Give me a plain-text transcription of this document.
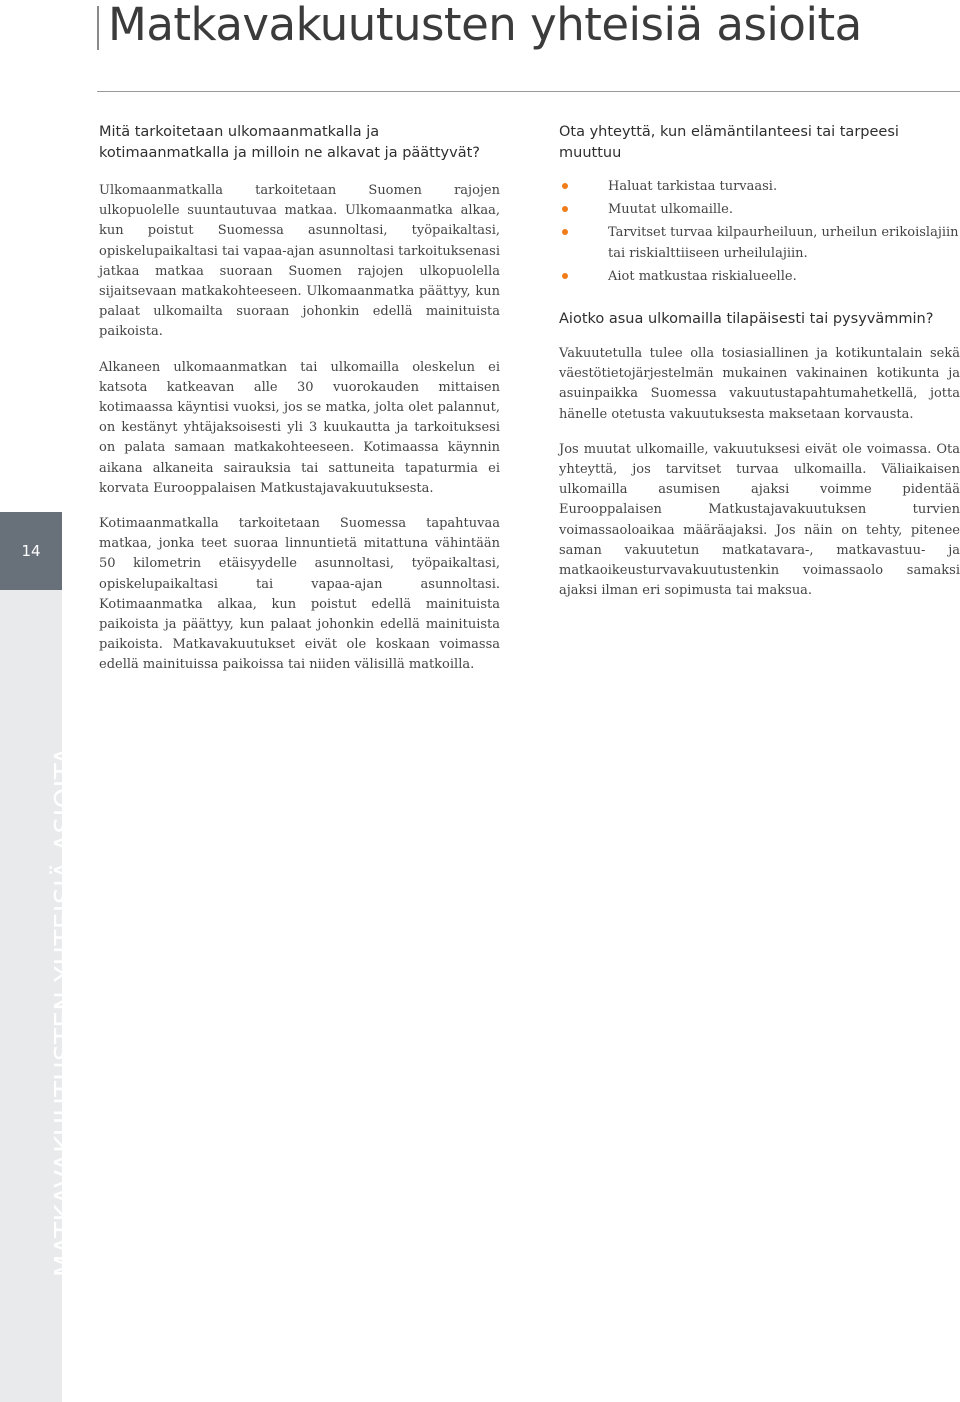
14
MATKAVAKUUTUSTEN YHTEISIÄ ASIOITA
Matkavakuutusten yhteisiä asioita
Mitä tarkoitetaan ulkomaanmatkalla ja kotimaanmatkalla ja milloin ne alkavat ja päättyvät?

Ulkomaanmatkalla tarkoitetaan Suomen rajojen ulkopuolelle suuntautuvaa matkaa. Ulkomaanmatka alkaa, kun poistut Suomessa asunnoltasi, työpaikaltasi, opiskelupaikaltasi tai vapaa-ajan asunnoltasi tarkoituksenasi jatkaa matkaa suoraan Suomen rajojen ulkopuolella sijaitsevaan matkakohteeseen. Ulkomaanmatka päättyy, kun palaat ulkomailta suoraan johonkin edellä mainituista paikoista.

Alkaneen ulkomaanmatkan tai ulkomailla oleskelun ei katsota katkeavan alle 30 vuorokauden mittaisen kotimaassa käyntisi vuoksi, jos se matka, jolta olet palannut, on kestänyt yhtäjaksoisesti yli 3 kuukautta ja tarkoituksesi on palata samaan matkakohteeseen. Kotimaassa käynnin aikana alkaneita sairauksia tai sattuneita tapaturmia ei korvata Eurooppalaisen Matkustajavakuutuksesta.

Kotimaanmatkalla tarkoitetaan Suomessa tapahtuvaa matkaa, jonka teet suoraa linnuntietä mitattuna vähintään 50 kilometrin etäisyydelle asunnoltasi, työpaikaltasi, opiskelupaikaltasi tai vapaa-ajan asunnoltasi. Kotimaanmatka alkaa, kun poistut edellä mainituista paikoista ja päättyy, kun palaat johonkin edellä mainituista paikoista. Matkavakuutukset eivät ole koskaan voimassa edellä mainituissa paikoissa tai niiden välisillä matkoilla.

Ota yhteyttä, kun elämäntilanteesi tai tarpeesi muuttuu
Haluat tarkistaa turvaasi.
Muutat ulkomaille.
Tarvitset turvaa kilpaurheiluun, urheilun erikoislajiin tai riskialttiiseen urheilulajiin.
Aiot matkustaa riskialueelle.
Aiotko asua ulkomailla tilapäisesti tai pysyvämmin?

Vakuutetulla tulee olla tosiasiallinen ja kotikuntalain sekä väestötietojärjestelmän mukainen vakinainen kotikunta ja asuinpaikka Suomessa vakuutustapahtumahetkellä, jotta hänelle otetusta vakuutuksesta maksetaan korvausta.

Jos muutat ulkomaille, vakuutuksesi eivät ole voimassa. Ota yhteyttä, jos tarvitset turvaa ulkomailla. Väliaikaisen ulkomailla asumisen ajaksi voimme pidentää Eurooppalaisen Matkustajavakuutuksen turvien voimassaoloaikaa määräajaksi. Jos näin on tehty, pitenee saman vakuutetun matkatavara-, matkavastuu- ja matkaoikeusturvavakuutustenkin voimassaolo samaksi ajaksi ilman eri sopimusta tai maksua.
